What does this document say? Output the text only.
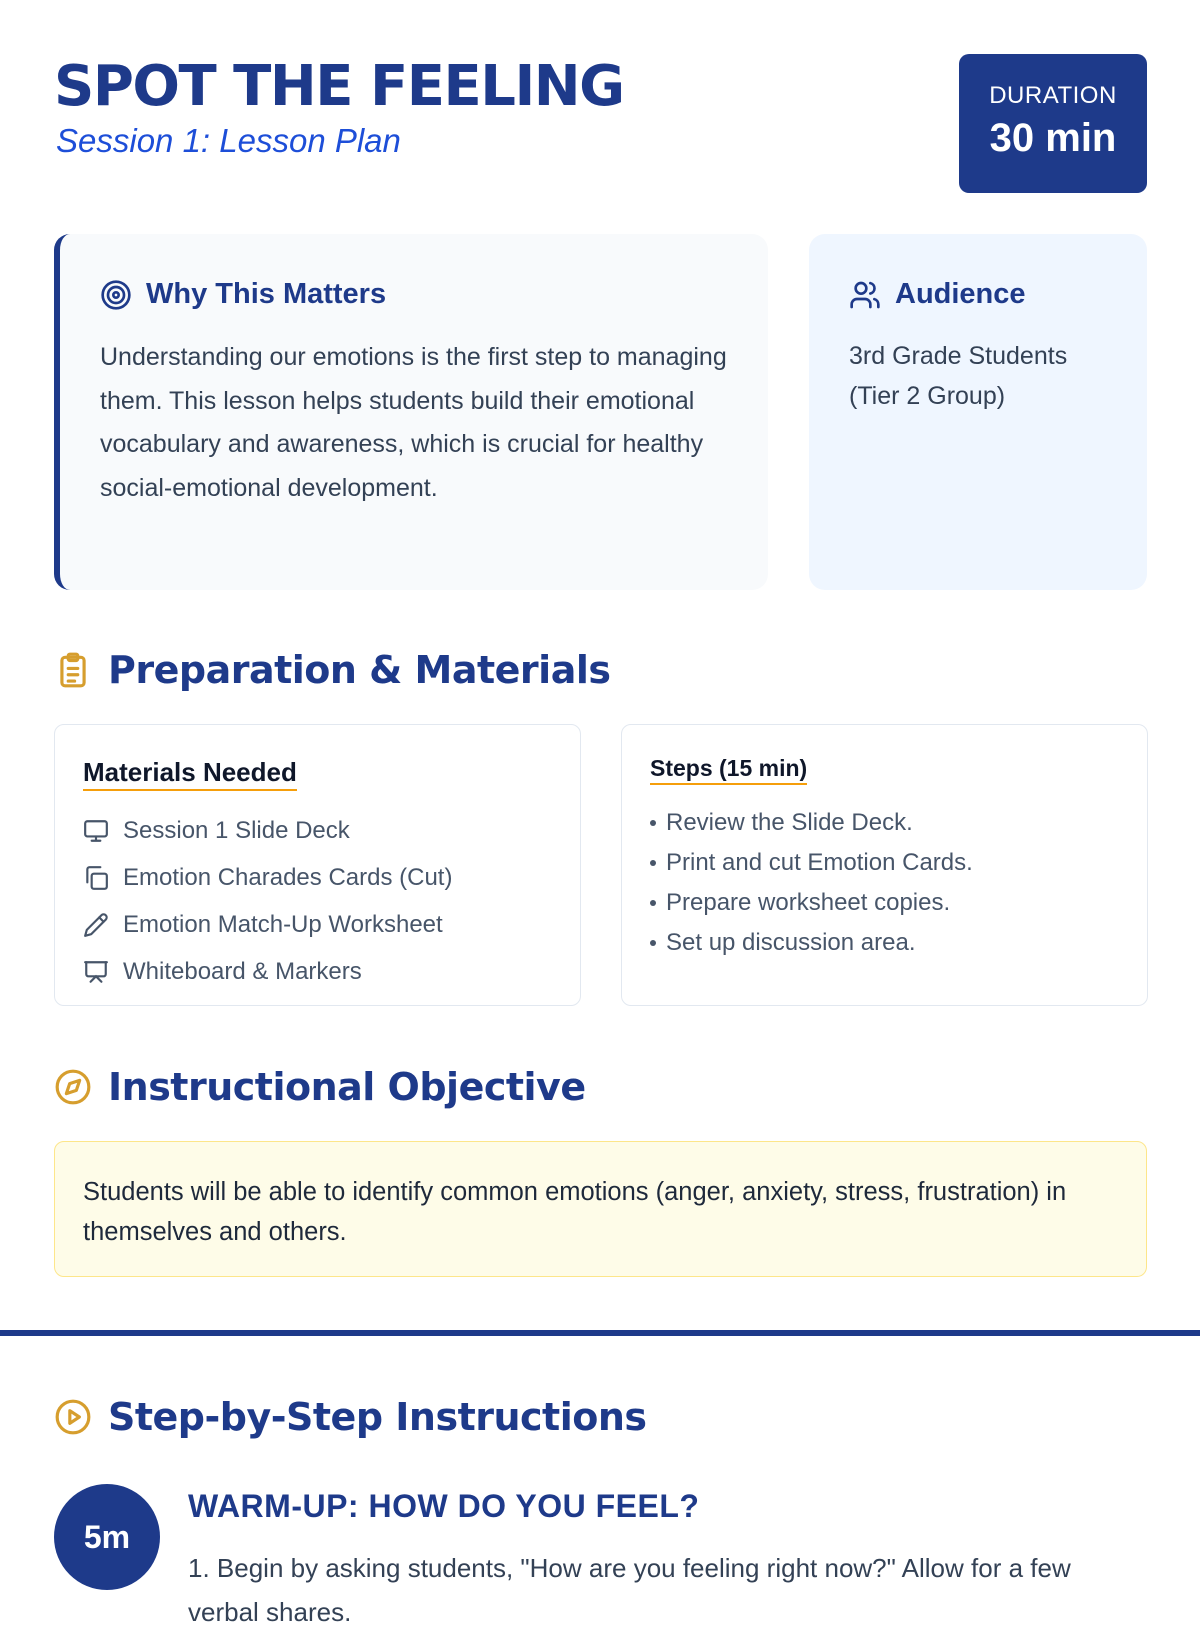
SPOT THE FEELING
Session 1: Lesson Plan
DURATION
30 min
Why This Matters
Understanding our emotions is the first step to managing them. This lesson helps students build their emotional vocabulary and awareness, which is crucial for healthy social-emotional development.
Audience
3rd Grade Students (Tier 2 Group)
Preparation & Materials
Materials Needed
Session 1 Slide Deck
Emotion Charades Cards (Cut)
Emotion Match-Up Worksheet
Whiteboard & Markers
Steps (15 min)
Review the Slide Deck.
Print and cut Emotion Cards.
Prepare worksheet copies.
Set up discussion area.
Instructional Objective
Students will be able to identify common emotions (anger, anxiety, stress, frustration) in themselves and others.
Step-by-Step Instructions
5m
WARM-UP: HOW DO YOU FEEL?
1. Begin by asking students, "How are you feeling right now?" Allow for a few verbal shares.
